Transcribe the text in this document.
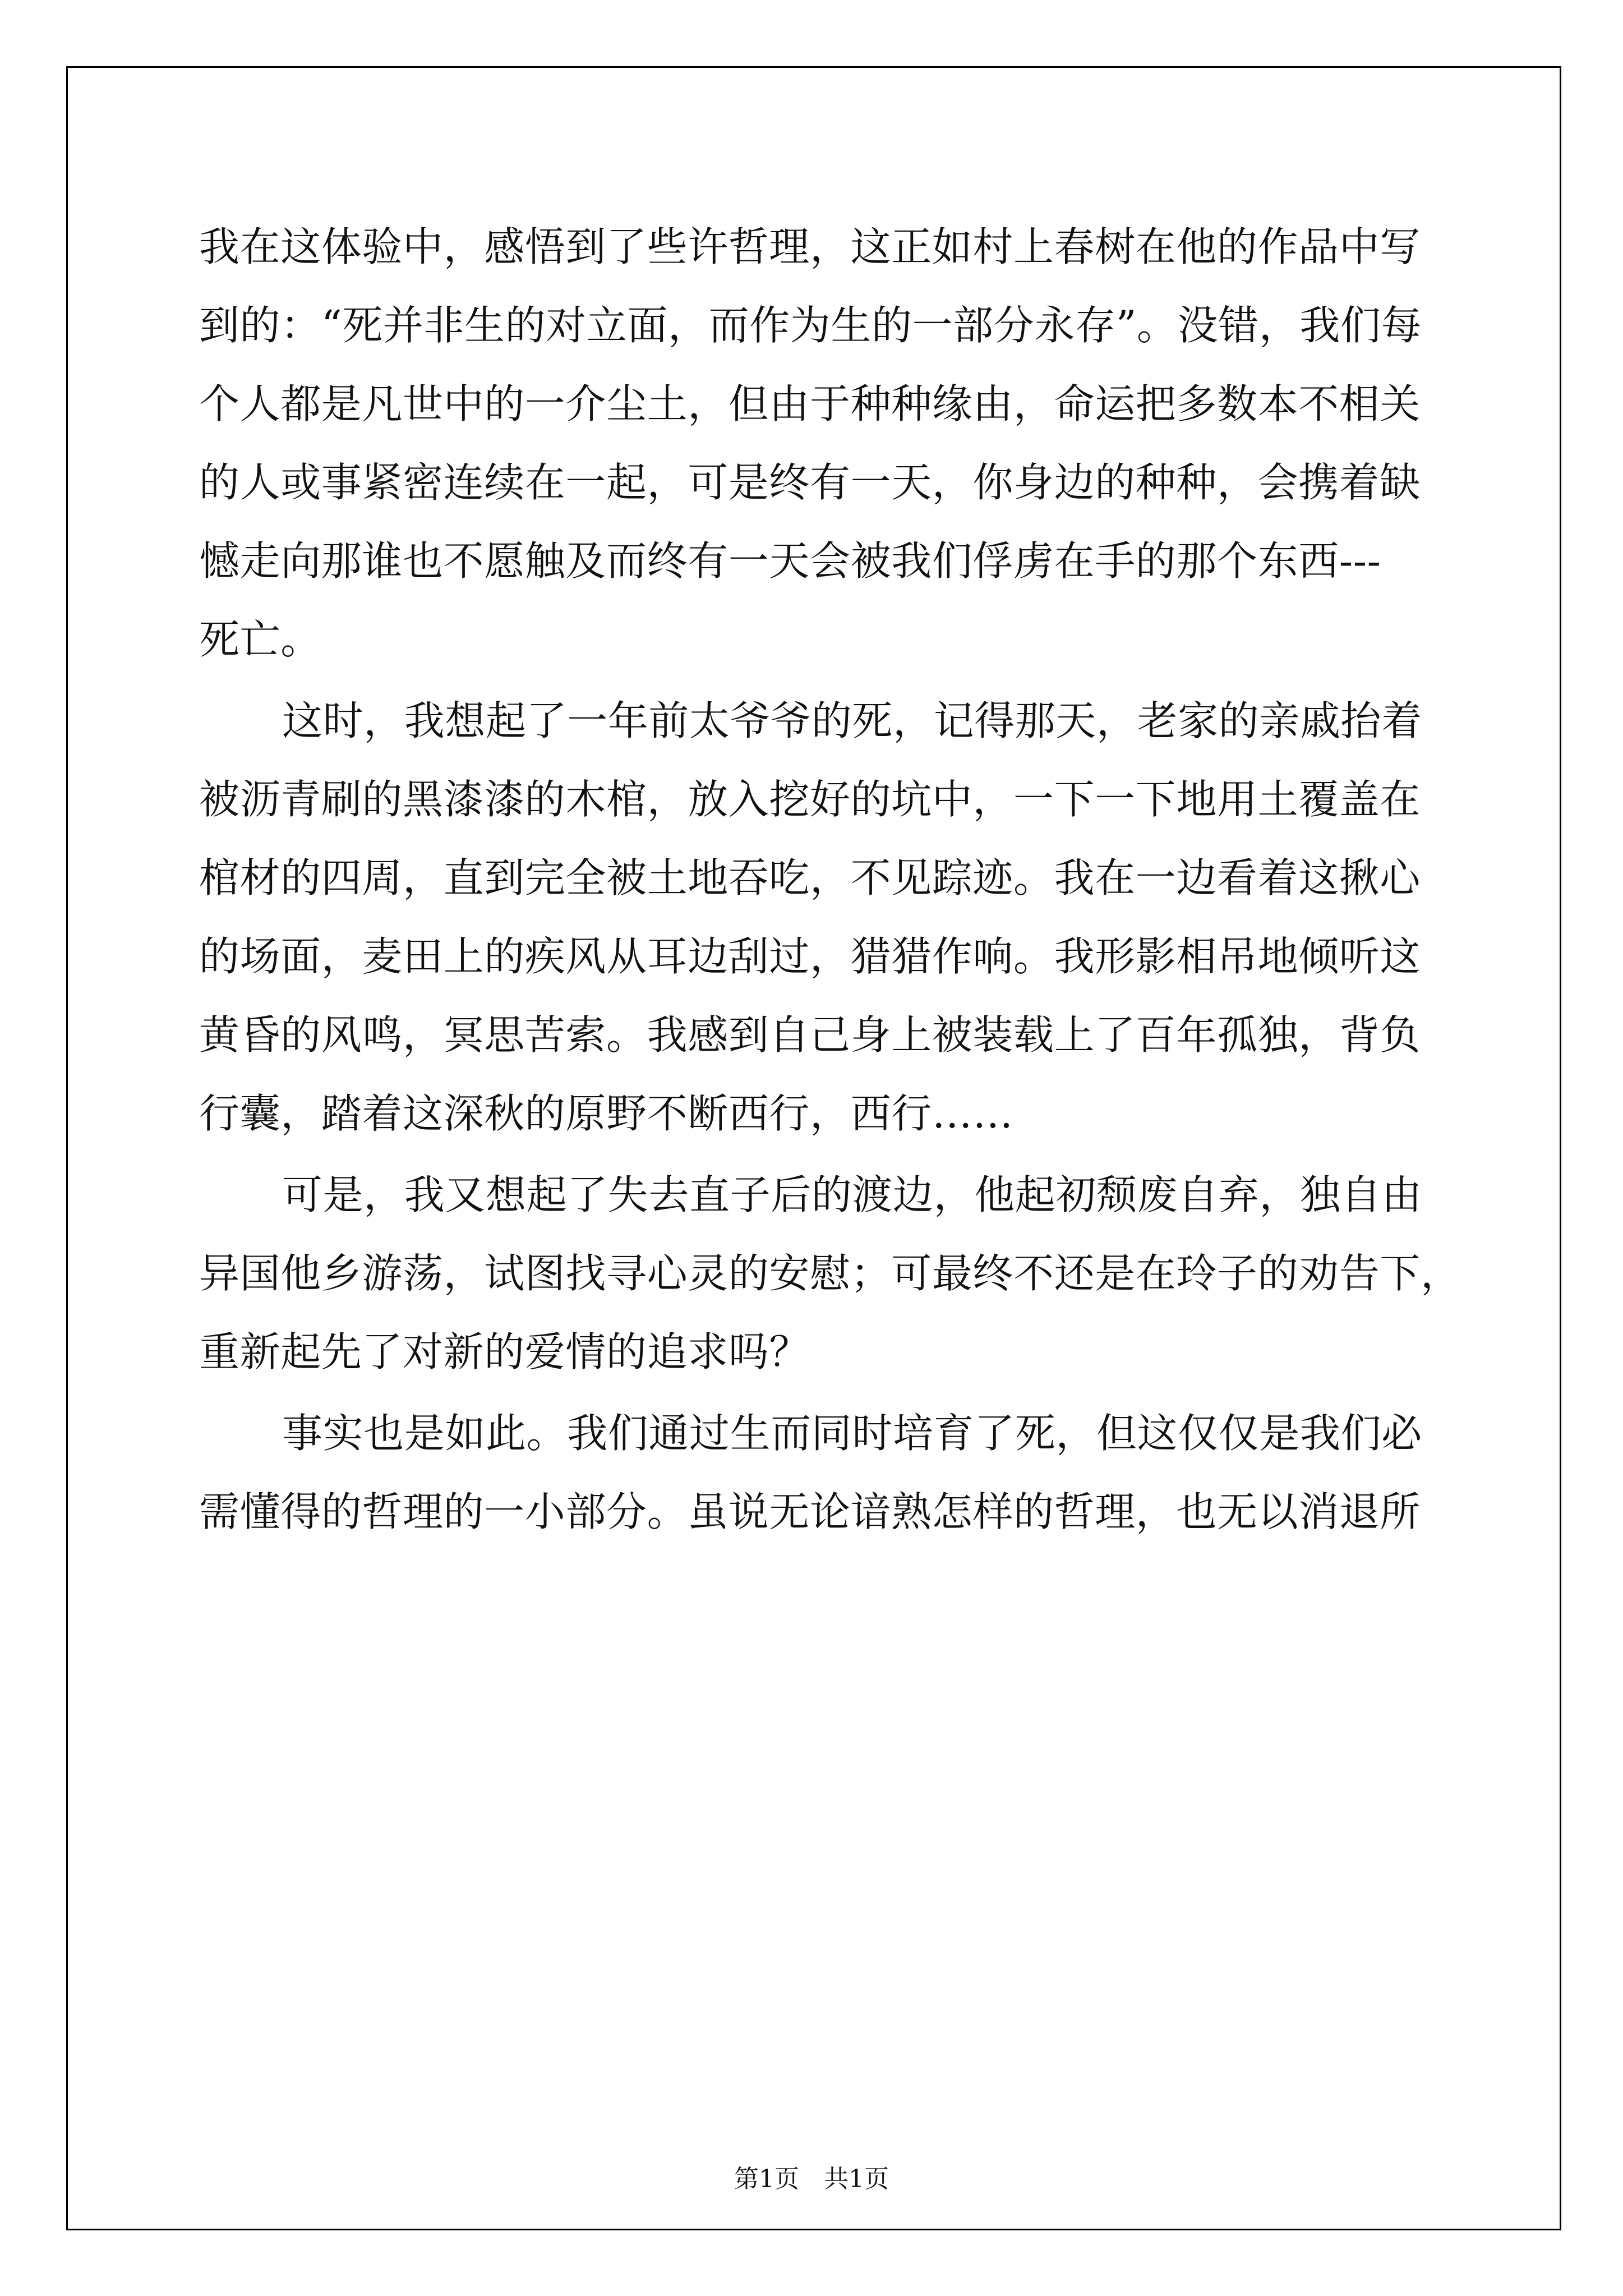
我在这体验中，感悟到了些许哲理，这正如村上春树在他的作品中写
到的：“死并非生的对立面，而作为生的一部分永存”。没错，我们每
个人都是凡世中的一介尘土，但由于种种缘由，命运把多数本不相关
的人或事紧密连续在一起，可是终有一天，你身边的种种，会携着缺
憾走向那谁也不愿触及而终有一天会被我们俘虏在手的那个东西---
死亡。
这时，我想起了一年前太爷爷的死，记得那天，老家的亲戚抬着
被沥青刷的黑漆漆的木棺，放入挖好的坑中，一下一下地用土覆盖在
棺材的四周，直到完全被土地吞吃，不见踪迹。我在一边看着这揪心
的场面，麦田上的疾风从耳边刮过，猎猎作响。我形影相吊地倾听这
黄昏的风鸣，冥思苦索。我感到自己身上被装载上了百年孤独，背负
行囊，踏着这深秋的原野不断西行，西行……
可是，我又想起了失去直子后的渡边，他起初颓废自弃，独自由
异国他乡游荡，试图找寻心灵的安慰；可最终不还是在玲子的劝告下，
重新起先了对新的爱情的追求吗？
事实也是如此。我们通过生而同时培育了死，但这仅仅是我们必
需懂得的哲理的一小部分。虽说无论谙熟怎样的哲理，也无以消退所
第1页　共1页
